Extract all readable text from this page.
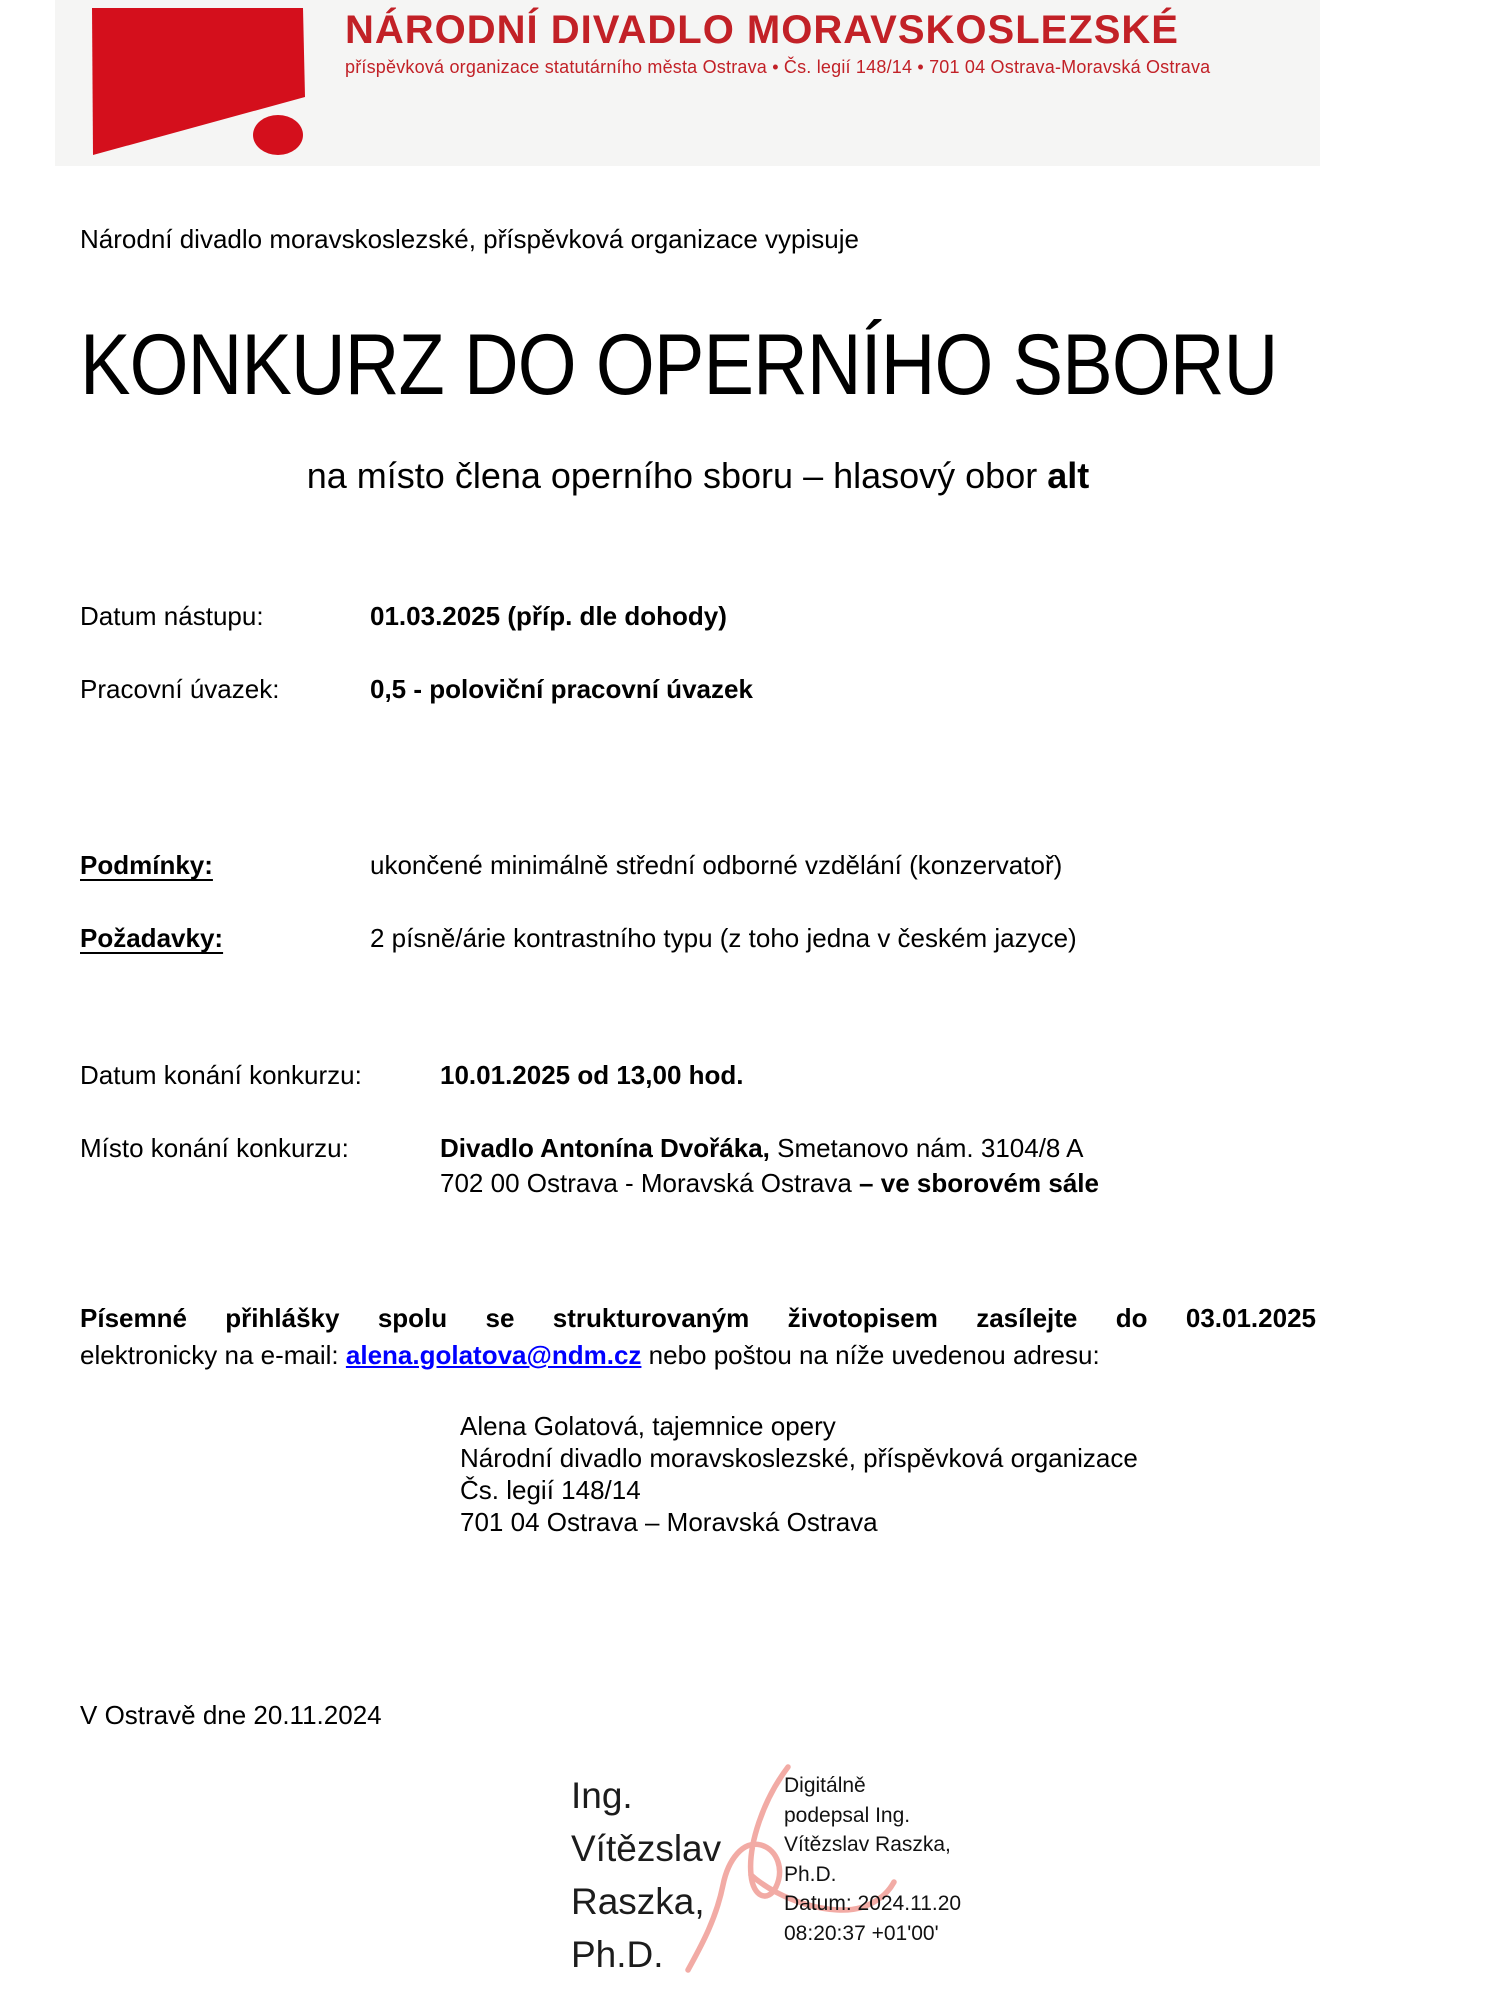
NÁRODNÍ DIVADLO MORAVSKOSLEZSKÉ
příspěvková organizace statutárního města Ostrava • Čs. legií 148/14 • 701 04 Ostrava-Moravská Ostrava
Národní divadlo moravskoslezské, příspěvková organizace vypisuje
KONKURZ DO OPERNÍHO SBORU
na místo člena operního sboru – hlasový obor alt
Datum nástupu:	01.03.2025 (příp. dle dohody)
Pracovní úvazek:	0,5 - poloviční pracovní úvazek
Podmínky:	ukončené minimálně střední odborné vzdělání (konzervatoř)
Požadavky:	2 písně/árie kontrastního typu (z toho jedna v českém jazyce)
Datum konání konkurzu:	10.01.2025 od 13,00 hod.
Místo konání konkurzu:	Divadlo Antonína Dvořáka, Smetanovo nám. 3104/8 A
702 00 Ostrava - Moravská Ostrava – ve sborovém sále
Písemné přihlášky spolu se strukturovaným životopisem zasílejte do 03.01.2025
elektronicky na e-mail: alena.golatova@ndm.cz nebo poštou na níže uvedenou adresu:
Alena Golatová, tajemnice opery
Národní divadlo moravskoslezské, příspěvková organizace
Čs. legií 148/14
701 04 Ostrava – Moravská Ostrava
V Ostravě dne 20.11.2024
Ing.
Vítězslav
Raszka,
Ph.D.
Digitálně
podepsal Ing.
Vítězslav Raszka,
Ph.D.
Datum: 2024.11.20
08:20:37 +01'00'
